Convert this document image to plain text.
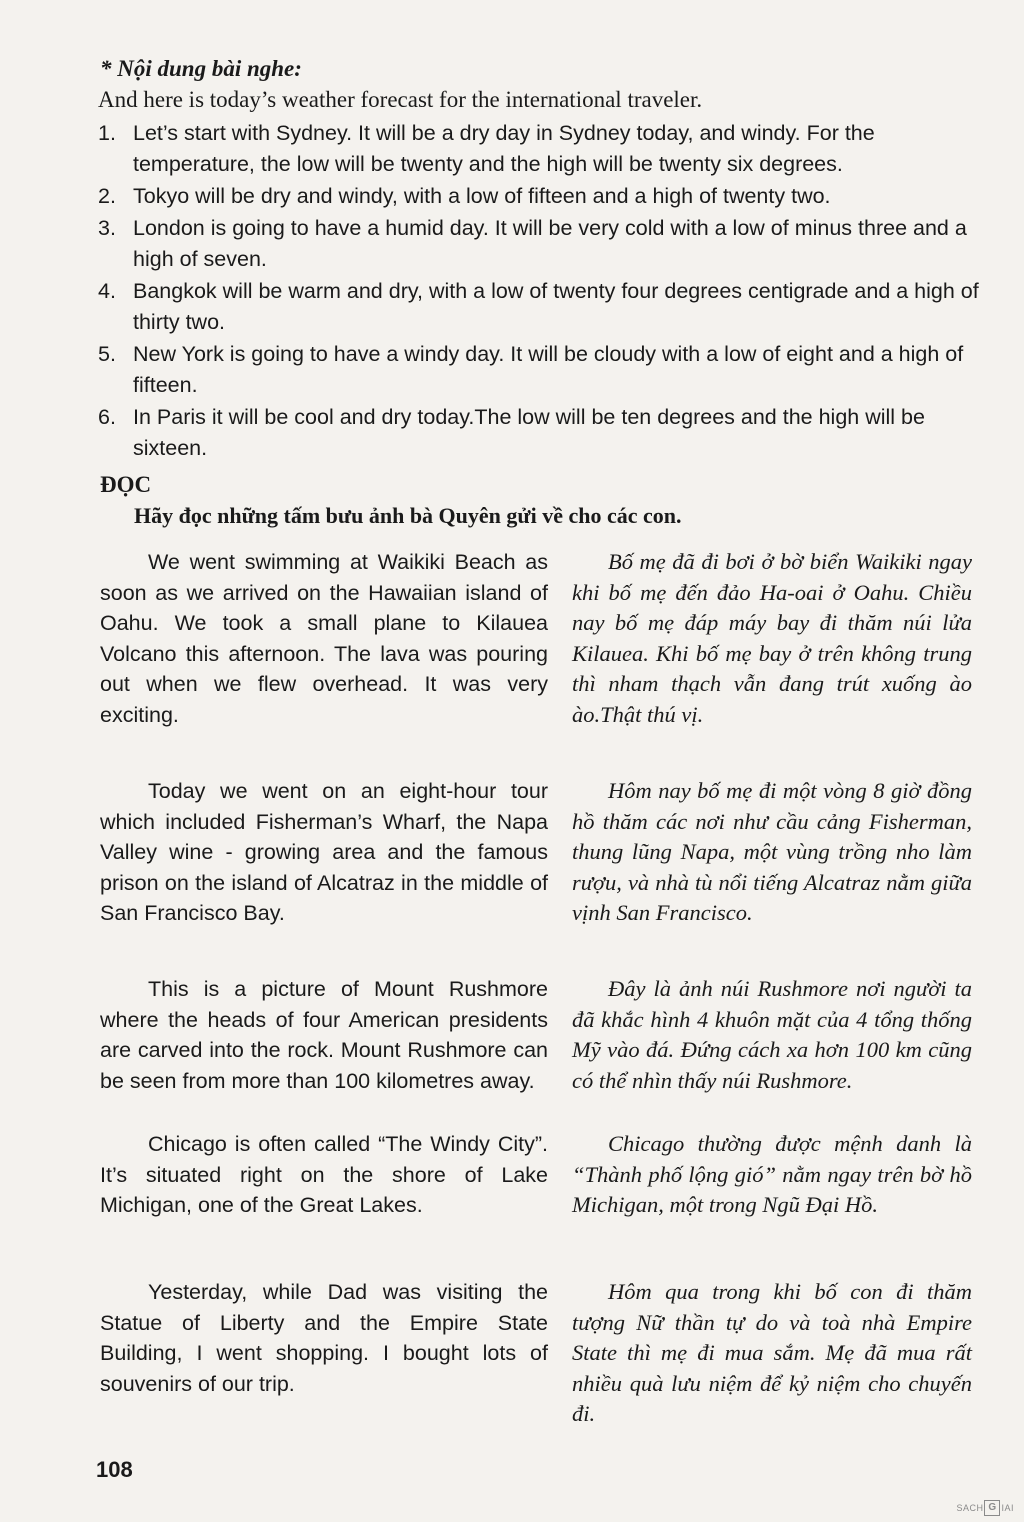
* Nội dung bài nghe:
And here is today’s weather forecast for the international traveler.
1. Let’s start with Sydney. It will be a dry day in Sydney today, and windy. For the temperature, the low will be twenty and the high will be twenty six degrees.
2. Tokyo will be dry and windy, with a low of fifteen and a high of twenty two.
3. London is going to have a humid day. It will be very cold with a low of minus three and a high of seven.
4. Bangkok will be warm and dry, with a low of twenty four degrees centigrade and a high of thirty two.
5. New York is going to have a windy day. It will be cloudy with a low of eight and a high of fifteen.
6. In Paris it will be cool and dry today.The low will be ten degrees and the high will be sixteen.
ĐỌC
Hãy đọc những tấm bưu ảnh bà Quyên gửi về cho các con.

We went swimming at Waikiki Beach as soon as we arrived on the Hawaiian island of Oahu. We took a small plane to Kilauea Volcano this afternoon. The lava was pouring out when we flew overhead. It was very exciting.

Bố mẹ đã đi bơi ở bờ biển Waikiki ngay khi bố mẹ đến đảo Ha-oai ở Oahu. Chiều nay bố mẹ đáp máy bay đi thăm núi lửa Kilauea. Khi bố mẹ bay ở trên không trung thì nham thạch vẫn đang trút xuống ào ào.Thật thú vị.

Today we went on an eight-hour tour which included Fisherman’s Wharf, the Napa Valley wine - growing area and the famous prison on the island of Alcatraz in the middle of San Francisco Bay.

Hôm nay bố mẹ đi một vòng 8 giờ đồng hồ thăm các nơi như cầu cảng Fisherman, thung lũng Napa, một vùng trồng nho làm rượu, và nhà tù nổi tiếng Alcatraz nằm giữa vịnh San Francisco.

This is a picture of Mount Rushmore where the heads of four American presidents are carved into the rock. Mount Rushmore can be seen from more than 100 kilometres away.

Đây là ảnh núi Rushmore nơi người ta đã khắc hình 4 khuôn mặt của 4 tổng thống Mỹ vào đá. Đứng cách xa hơn 100 km cũng có thể nhìn thấy núi Rushmore.

Chicago is often called “The Windy City”. It’s situated right on the shore of Lake Michigan, one of the Great Lakes.

Chicago thường được mệnh danh là “Thành phố lộng gió” nằm ngay trên bờ hồ Michigan, một trong Ngũ Đại Hồ.

Yesterday, while Dad was visiting the Statue of Liberty and the Empire State Building, I went shopping. I bought lots of souvenirs of our trip.

Hôm qua trong khi bố con đi thăm tượng Nữ thần tự do và toà nhà Empire State thì mẹ đi mua sắm. Mẹ đã mua rất nhiều quà lưu niệm để kỷ niệm cho chuyến đi.

108
SACH G IAI
